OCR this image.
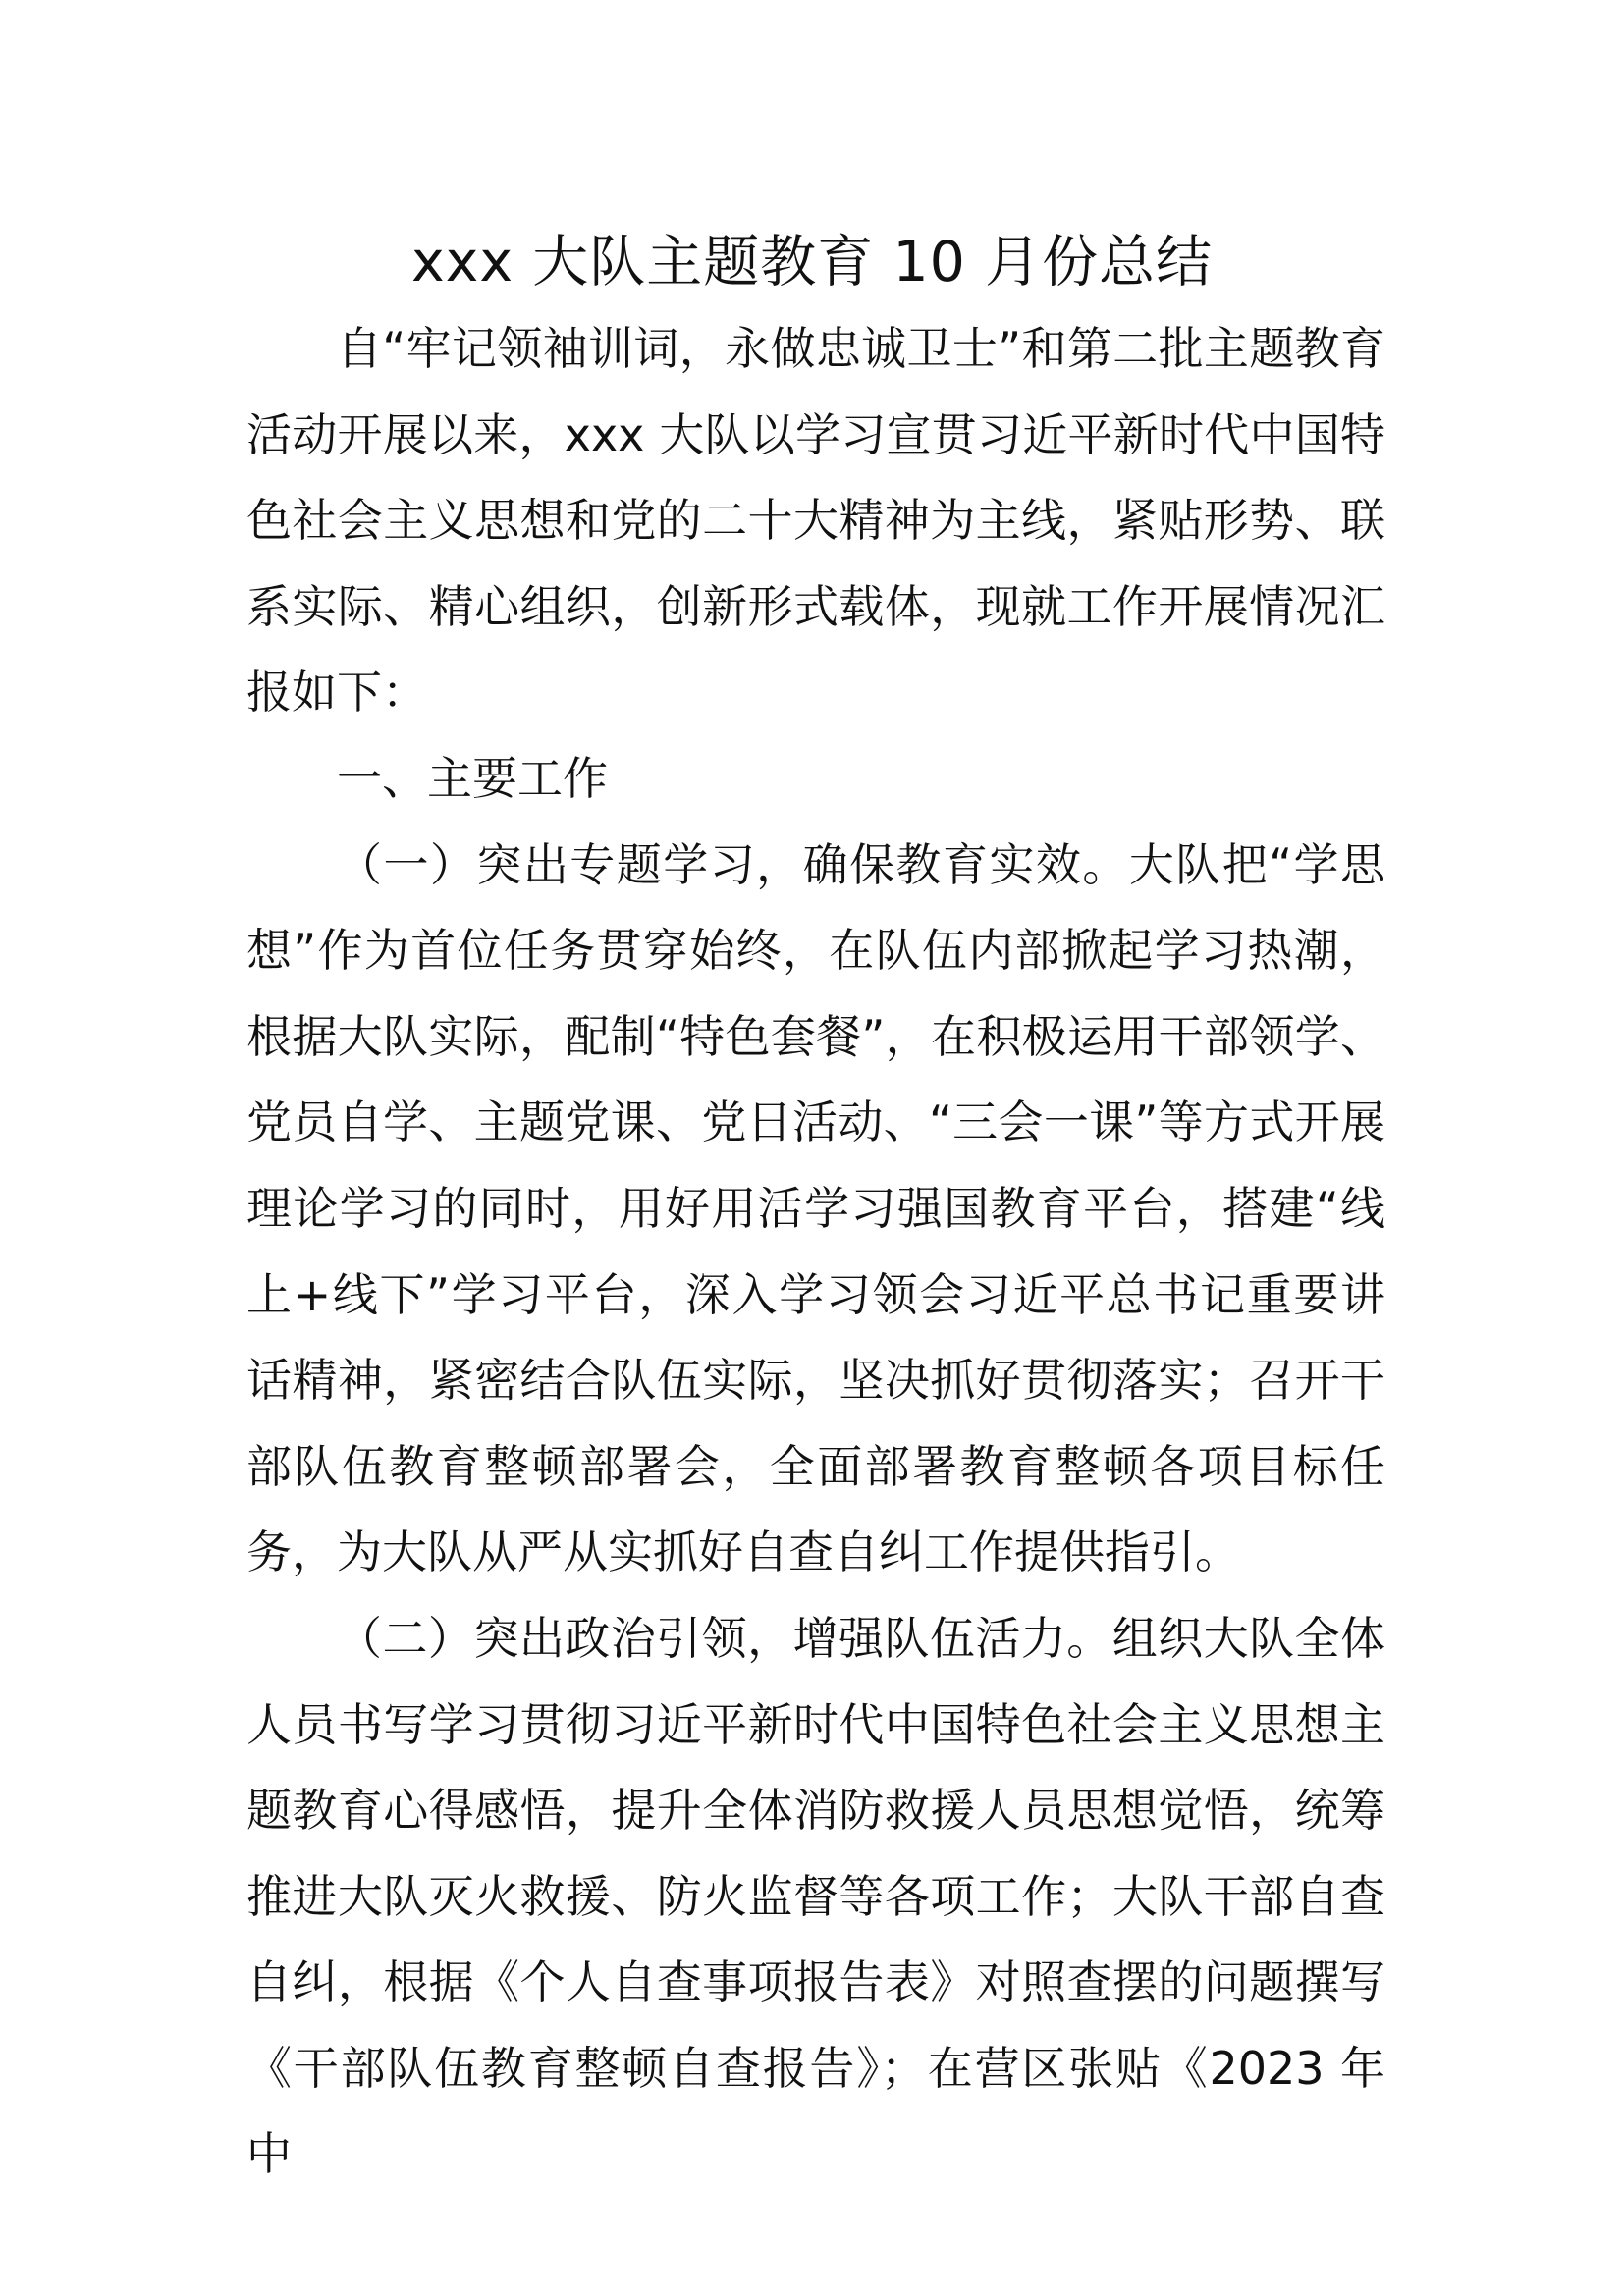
xxx 大队主题教育 10 月份总结

自“牢记领袖训词，永做忠诚卫士”和第二批主题教育活动开展以来，xxx 大队以学习宣贯习近平新时代中国特色社会主义思想和党的二十大精神为主线，紧贴形势、联系实际、精心组织，创新形式载体，现就工作开展情况汇报如下：

一、主要工作

（一）突出专题学习，确保教育实效。大队把“学思想”作为首位任务贯穿始终，在队伍内部掀起学习热潮，根据大队实际，配制“特色套餐”，在积极运用干部领学、党员自学、主题党课、党日活动、“三会一课”等方式开展理论学习的同时，用好用活学习强国教育平台，搭建“线上+线下”学习平台，深入学习领会习近平总书记重要讲话精神，紧密结合队伍实际，坚决抓好贯彻落实；召开干部队伍教育整顿部署会，全面部署教育整顿各项目标任务，为大队从严从实抓好自查自纠工作提供指引。

（二）突出政治引领，增强队伍活力。组织大队全体人员书写学习贯彻习近平新时代中国特色社会主义思想主题教育心得感悟，提升全体消防救援人员思想觉悟，统筹推进大队灭火救援、防火监督等各项工作；大队干部自查自纠，根据《个人自查事项报告表》对照查摆的问题撰写《干部队伍教育整顿自查报告》；在营区张贴《2023 年中
